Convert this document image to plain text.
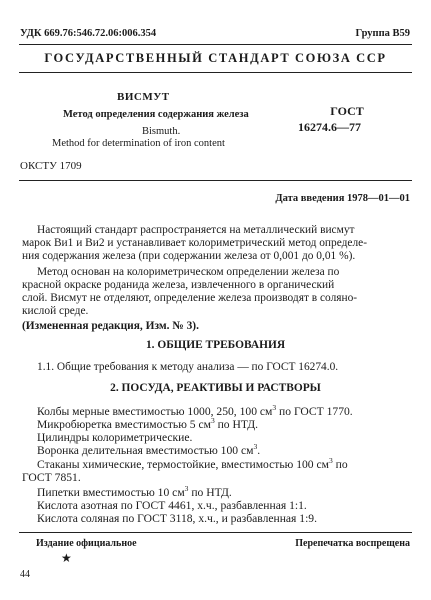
УДК 669.76:546.72.06:006.354	Группа В59
ГОСУДАРСТВЕННЫЙ СТАНДАРТ СОЮЗА ССР
ВИСМУТ
Метод определения содержания железа
Bismuth.
Method for determination of iron content
ГОСТ
16274.6—77
ОКСТУ 1709
Дата введения 1978—01—01
Настоящий стандарт распространяется на металлический висмут
марок Ви1 и Ви2 и устанавливает колориметрический метод определе-
ния содержания железа (при содержании железа от 0,001 до 0,01 %).
Метод основан на колориметрическом определении железа по
красной окраске роданида железа, извлеченного в органический
слой. Висмут не отделяют, определение железа производят в солянo-
кислой среде.
(Измененная редакция, Изм. № 3).
1. ОБЩИЕ ТРЕБОВАНИЯ
1.1. Общие требования к методу анализа — по ГОСТ 16274.0.
2. ПОСУДА, РЕАКТИВЫ И РАСТВОРЫ
Колбы мерные вместимостью 1000, 250, 100 $см^3$ по ГОСТ 1770.
Микробюретка вместимостью 5 $см^3$ по НТД.
Цилиндры колориметрические.
Воронка делительная вместимостью 100 $см^3$.
Стаканы химические, термостойкие, вместимостью 100 $см^3$ по
ГОСТ 7851.
Пипетки вместимостью 10 $см^3$ по НТД.
Кислота азотная по ГОСТ 4461, х.ч., разбавленная 1:1.
Кислота соляная по ГОСТ 3118, х.ч., и разбавленная 1:9.
Издание официальное	Перепечатка воспрещена
★
44
